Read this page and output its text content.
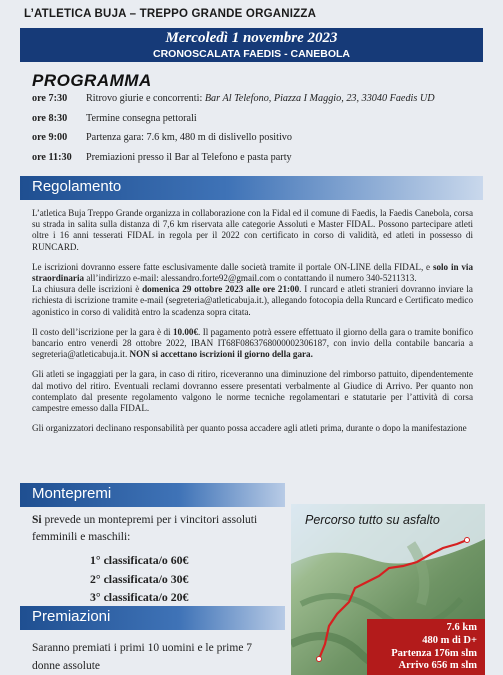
L’ATLETICA BUJA – TREPPO GRANDE ORGANIZZA
Mercoledì 1 novembre 2023
CRONOSCALATA FAEDIS - CANEBOLA
PROGRAMMA
ore 7:30	Ritrovo giurie e concorrenti: Bar Al Telefono, Piazza I Maggio, 23, 33040 Faedis UD
ore 8:30	Termine consegna pettorali
ore 9:00	Partenza gara: 7.6 km, 480 m di dislivello positivo
ore 11:30	Premiazioni presso il Bar al Telefono e pasta party
Regolamento

L’atletica Buja Treppo Grande organizza in collaborazione con la Fidal ed il comune di Faedis, la Faedis Canebola, corsa su strada in salita sulla distanza di 7,6 km riservata alle categorie Assoluti e Master FIDAL. Possono partecipare atleti oltre i 16 anni tesserati FIDAL in regola per il 2022 con certificato in corso di validità, ed atleti in possesso di RUNCARD.

Le iscrizioni dovranno essere fatte esclusivamente dalle società tramite il portale ON-LINE della FIDAL, e solo in via straordinaria all’indirizzo e-mail: alessandro.forte92@gmail.com o contattando il numero 340-5211313.
La chiusura delle iscrizioni è domenica 29 ottobre 2023 alle ore 21:00. I runcard e atleti stranieri dovranno inviare la richiesta di iscrizione tramite e-mail (segreteria@atleticabuja.it.), allegando fotocopia della Runcard e Certificato medico agonistico in corso di validità entro la scadenza sopra citata.

Il costo dell’iscrizione per la gara è di 10.00€. Il pagamento potrà essere effettuato il giorno della gara o tramite bonifico bancario entro venerdì 28 ottobre 2022, IBAN IT68F0863768000002306187, con invio della contabile bancaria a segreteria@atleticabuja.it. NON si accettano iscrizioni il giorno della gara.

Gli atleti se ingaggiati per la gara, in caso di ritiro, riceveranno una diminuzione del rimborso pattuito, dipendentemente dal motivo del ritiro. Eventuali reclami dovranno essere presentati verbalmente al Giudice di Arrivo. Per quanto non contemplato dal presente regolamento valgono le norme tecniche regolamentari e statutarie per l’attività di corsa campestre emesso dalla FIDAL.

Gli organizzatori declinano responsabilità per quanto possa accadere agli atleti prima, durante o dopo la manifestazione

Montepremi
Si prevede un montepremi per i vincitori assoluti femminili e maschili:
1° classificata/o 60€
2° classificata/o 30€
3° classificata/o 20€
Premiazioni
Saranno premiati i primi 10 uomini e le prime 7 donne assolute
Percorso tutto su asfalto
7.6 km
480 m di D+
Partenza 176m slm
Arrivo 656 m slm
